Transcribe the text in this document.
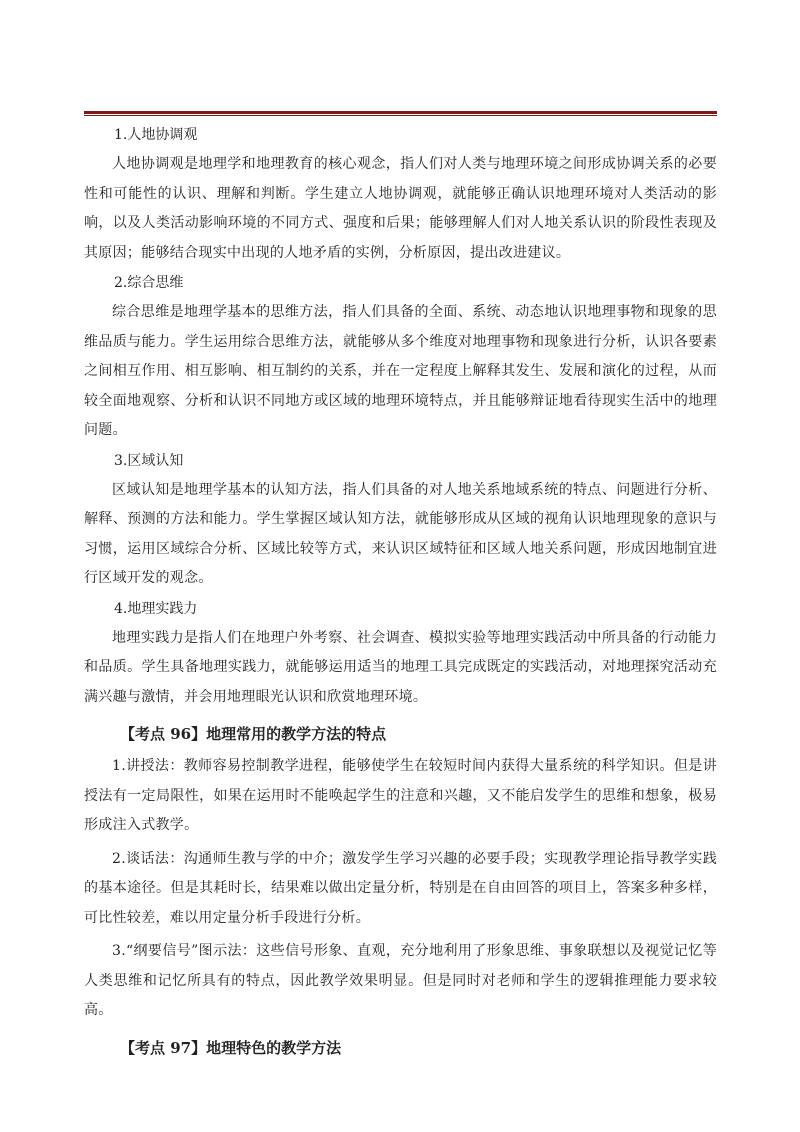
1.人地协调观

人地协调观是地理学和地理教育的核心观念，指人们对人类与地理环境之间形成协调关系的必要性和可能性的认识、理解和判断。学生建立人地协调观，就能够正确认识地理环境对人类活动的影响，以及人类活动影响环境的不同方式、强度和后果；能够理解人们对人地关系认识的阶段性表现及其原因；能够结合现实中出现的人地矛盾的实例，分析原因，提出改进建议。

2.综合思维

综合思维是地理学基本的思维方法，指人们具备的全面、系统、动态地认识地理事物和现象的思维品质与能力。学生运用综合思维方法，就能够从多个维度对地理事物和现象进行分析，认识各要素之间相互作用、相互影响、相互制约的关系，并在一定程度上解释其发生、发展和演化的过程，从而较全面地观察、分析和认识不同地方或区域的地理环境特点，并且能够辩证地看待现实生活中的地理问题。

3.区域认知

区域认知是地理学基本的认知方法，指人们具备的对人地关系地域系统的特点、问题进行分析、解释、预测的方法和能力。学生掌握区域认知方法，就能够形成从区域的视角认识地理现象的意识与习惯，运用区域综合分析、区域比较等方式，来认识区域特征和区域人地关系问题，形成因地制宜进行区域开发的观念。

4.地理实践力

地理实践力是指人们在地理户外考察、社会调查、模拟实验等地理实践活动中所具备的行动能力和品质。学生具备地理实践力，就能够运用适当的地理工具完成既定的实践活动，对地理探究活动充满兴趣与激情，并会用地理眼光认识和欣赏地理环境。

【考点 96】地理常用的教学方法的特点

1.讲授法：教师容易控制教学进程，能够使学生在较短时间内获得大量系统的科学知识。但是讲授法有一定局限性，如果在运用时不能唤起学生的注意和兴趣，又不能启发学生的思维和想象，极易形成注入式教学。

2.谈话法：沟通师生教与学的中介；激发学生学习兴趣的必要手段；实现教学理论指导教学实践的基本途径。但是其耗时长，结果难以做出定量分析，特别是在自由回答的项目上，答案多种多样，可比性较差，难以用定量分析手段进行分析。

3.“纲要信号”图示法：这些信号形象、直观，充分地利用了形象思维、事象联想以及视觉记忆等人类思维和记忆所具有的特点，因此教学效果明显。但是同时对老师和学生的逻辑推理能力要求较高。

【考点 97】地理特色的教学方法
